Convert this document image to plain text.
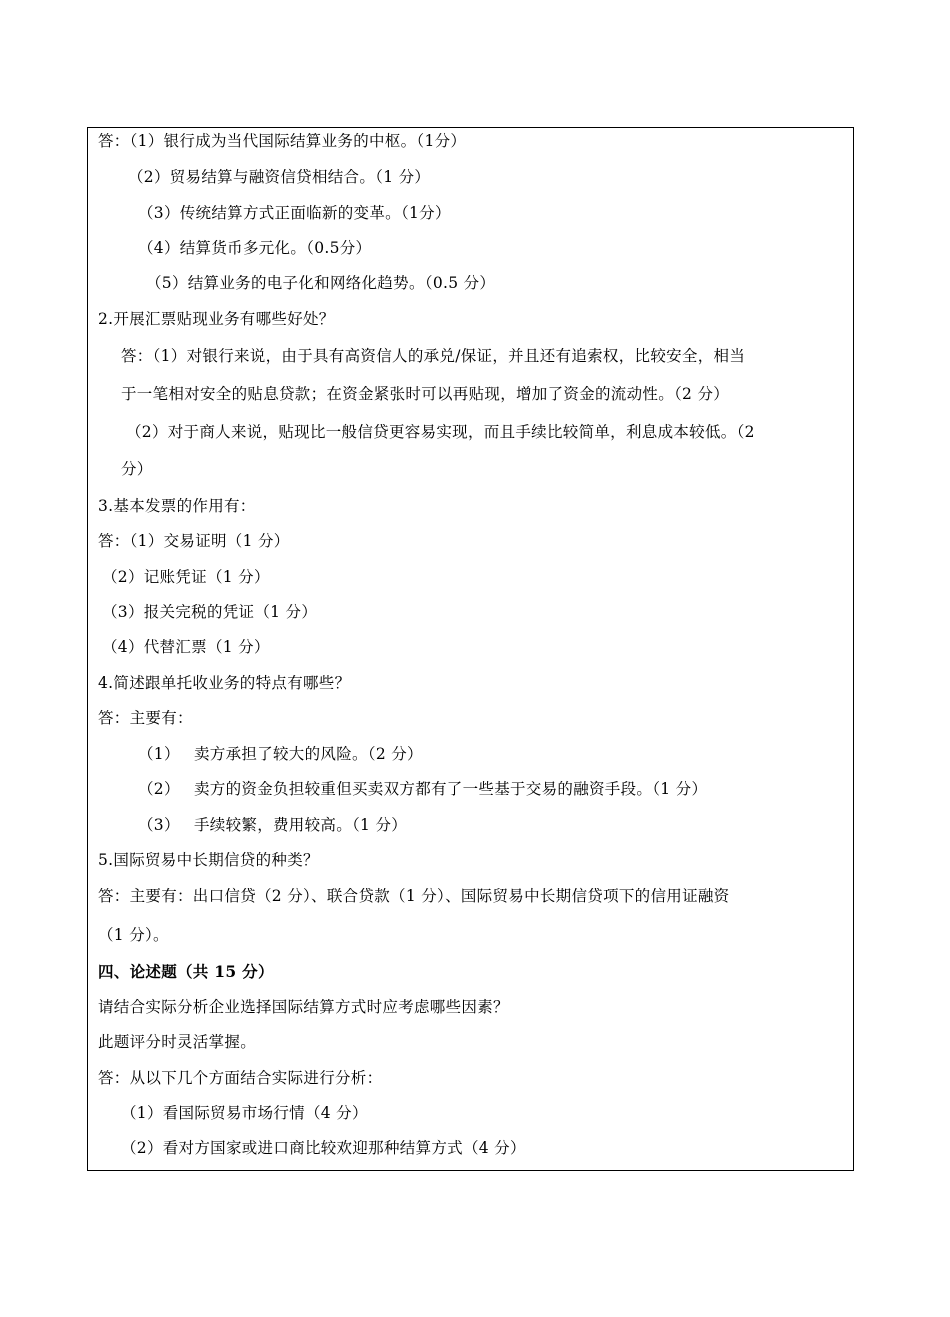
答：（1）银行成为当代国际结算业务的中枢。（1分）
（2）贸易结算与融资信贷相结合。（1 分）
（3）传统结算方式正面临新的变革。（1分）
（4）结算货币多元化。（0.5分）
（5）结算业务的电子化和网络化趋势。（0.5 分）
2.开展汇票贴现业务有哪些好处？
答：（1）对银行来说，由于具有高资信人的承兑/保证，并且还有追索权，比较安全，相当
于一笔相对安全的贴息贷款；在资金紧张时可以再贴现，增加了资金的流动性。（2 分）
（2）对于商人来说，贴现比一般信贷更容易实现，而且手续比较简单，利息成本较低。（2
分）
3.基本发票的作用有：
答：（1）交易证明（1 分）
（2）记账凭证（1 分）
（3）报关完税的凭证（1 分）
（4）代替汇票（1 分）
4.简述跟单托收业务的特点有哪些？
答：主要有：
（1） 卖方承担了较大的风险。（2 分）
（2） 卖方的资金负担较重但买卖双方都有了一些基于交易的融资手段。（1 分）
（3） 手续较繁，费用较高。（1 分）
5.国际贸易中长期信贷的种类？
答：主要有：出口信贷（2 分）、联合贷款（1 分）、国际贸易中长期信贷项下的信用证融资
（1 分）。
四、论述题（共 15 分）
请结合实际分析企业选择国际结算方式时应考虑哪些因素？
此题评分时灵活掌握。
答：从以下几个方面结合实际进行分析：
（1）看国际贸易市场行情（4 分）
（2）看对方国家或进口商比较欢迎那种结算方式（4 分）
